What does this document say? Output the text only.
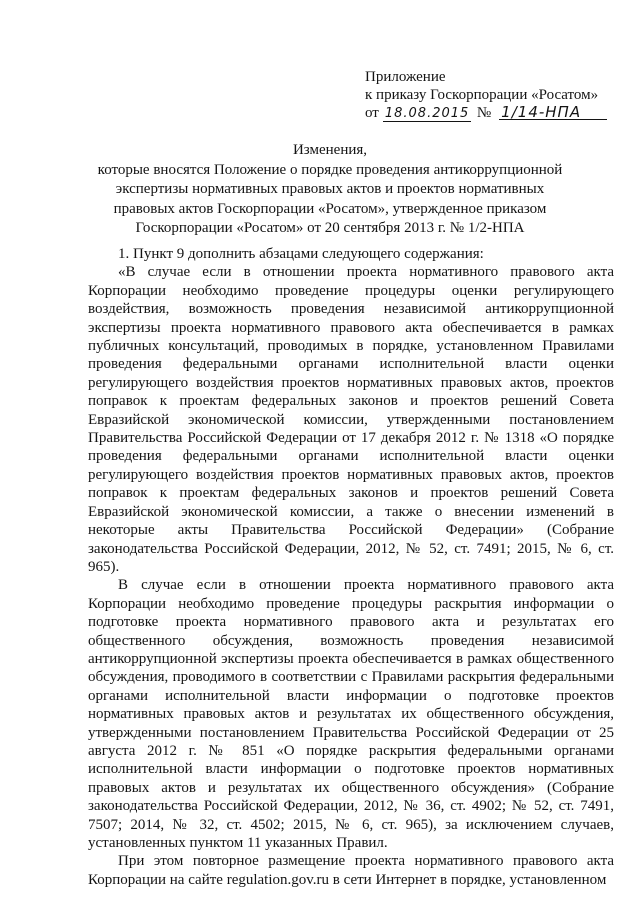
Приложение
к приказу Госкорпорации «Росатом»
от 18.08.2015 № 1/14-НПА
Изменения,
которые вносятся Положение о порядке проведения антикоррупционной экспертизы нормативных правовых актов и проектов нормативных правовых актов Госкорпорации «Росатом», утвержденное приказом Госкорпорации «Росатом» от 20 сентября 2013 г. № 1/2-НПА

1. Пункт 9 дополнить абзацами следующего содержания:

«В случае если в отношении проекта нормативного правового акта Корпорации необходимо проведение процедуры оценки регулирующего воздействия, возможность проведения независимой антикоррупционной экспертизы проекта нормативного правового акта обеспечивается в рамках публичных консультаций, проводимых в порядке, установленном Правилами проведения федеральными органами исполнительной власти оценки регулирующего воздействия проектов нормативных правовых актов, проектов поправок к проектам федеральных законов и проектов решений Совета Евразийской экономической комиссии, утвержденными постановлением Правительства Российской Федерации от 17 декабря 2012 г. № 1318 «О порядке проведения федеральными органами исполнительной власти оценки регулирующего воздействия проектов нормативных правовых актов, проектов поправок к проектам федеральных законов и проектов решений Совета Евразийской экономической комиссии, а также о внесении изменений в некоторые акты Правительства Российской Федерации» (Собрание законодательства Российской Федерации, 2012, № 52, ст. 7491; 2015, № 6, ст. 965).

В случае если в отношении проекта нормативного правового акта Корпорации необходимо проведение процедуры раскрытия информации о подготовке проекта нормативного правового акта и результатах его общественного обсуждения, возможность проведения независимой антикоррупционной экспертизы проекта обеспечивается в рамках общественного обсуждения, проводимого в соответствии с Правилами раскрытия федеральными органами исполнительной власти информации о подготовке проектов нормативных правовых актов и результатах их общественного обсуждения, утвержденными постановлением Правительства Российской Федерации от 25 августа 2012 г. № 851 «О порядке раскрытия федеральными органами исполнительной власти информации о подготовке проектов нормативных правовых актов и результатах их общественного обсуждения» (Собрание законодательства Российской Федерации, 2012, № 36, ст. 4902; № 52, ст. 7491, 7507; 2014, № 32, ст. 4502; 2015, № 6, ст. 965), за исключением случаев, установленных пунктом 11 указанных Правил.

При этом повторное размещение проекта нормативного правового акта Корпорации на сайте regulation.gov.ru в сети Интернет в порядке, установленном
